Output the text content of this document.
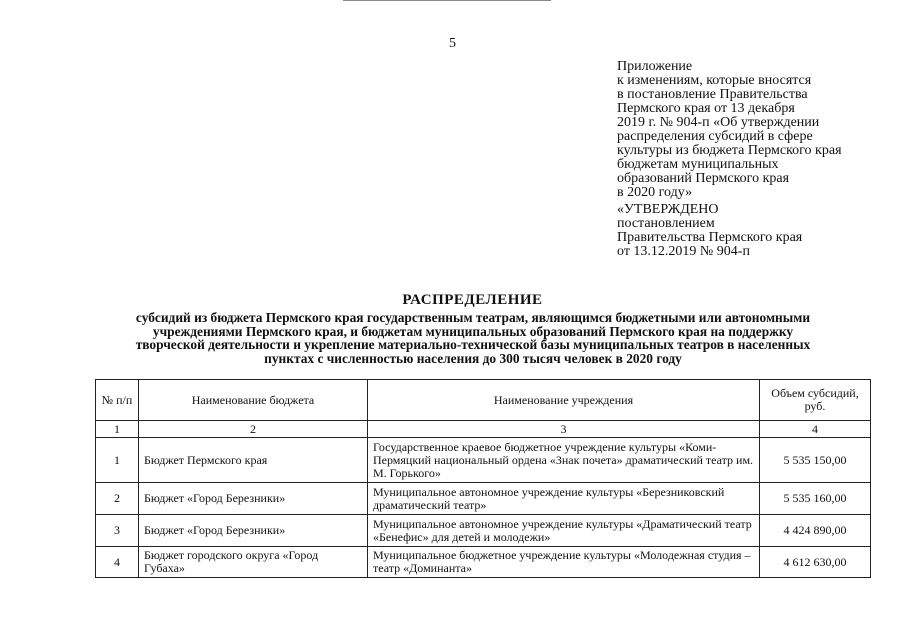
5
Приложение
к изменениям, которые вносятся
в постановление Правительства
Пермского края от 13 декабря
2019 г. № 904-п «Об утверждении
распределения субсидий в сфере
культуры из бюджета Пермского края
бюджетам муниципальных
образований Пермского края
в 2020 году»
«УТВЕРЖДЕНО
постановлением
Правительства Пермского края
от 13.12.2019 № 904-п
РАСПРЕДЕЛЕНИЕ
субсидий из бюджета Пермского края государственным театрам, являющимся бюджетными или автономными
учреждениями Пермского края, и бюджетам муниципальных образований Пермского края на поддержку
творческой деятельности и укрепление материально-технической базы муниципальных театров в населенных
пунктах с численностью населения до 300 тысяч человек в 2020 году
№ п/п	Наименование бюджета	Наименование учреждения	Объем субсидий, руб.
1	2	3	4
1	Бюджет Пермского края	Государственное краевое бюджетное учреждение культуры «Коми-Пермяцкий национальный ордена «Знак почета» драматический театр им. М. Горького»	5 535 150,00
2	Бюджет «Город Березники»	Муниципальное автономное учреждение культуры «Березниковский драматический театр»	5 535 160,00
3	Бюджет «Город Березники»	Муниципальное автономное учреждение культуры «Драматический театр «Бенефис» для детей и молодежи»	4 424 890,00
4	Бюджет городского округа «Город Губаха»	Муниципальное бюджетное учреждение культуры «Молодежная студия – театр «Доминанта»	4 612 630,00
